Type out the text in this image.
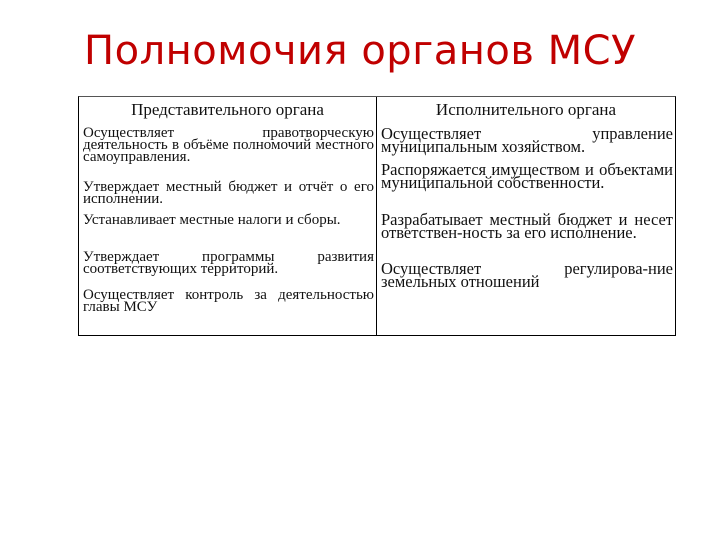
Полномочия органов МСУ
Представительного органа
Осуществляет правотворческую деятельность в объёме полномочий местного самоуправления.
Утверждает местный бюджет и отчёт о его исполнении.
Устанавливает местные налоги и сборы.
Утверждает программы развития соответствующих территорий.
Осуществляет контроль за деятельностью главы МСУ
Исполнительного органа
Осуществляет управление муниципальным хозяйством.
Распоряжается имуществом и объектами муниципальной собственности.
Разрабатывает местный бюджет и несет ответствен-ность за его исполнение.
Осуществляет регулирова-ние земельных отношений
